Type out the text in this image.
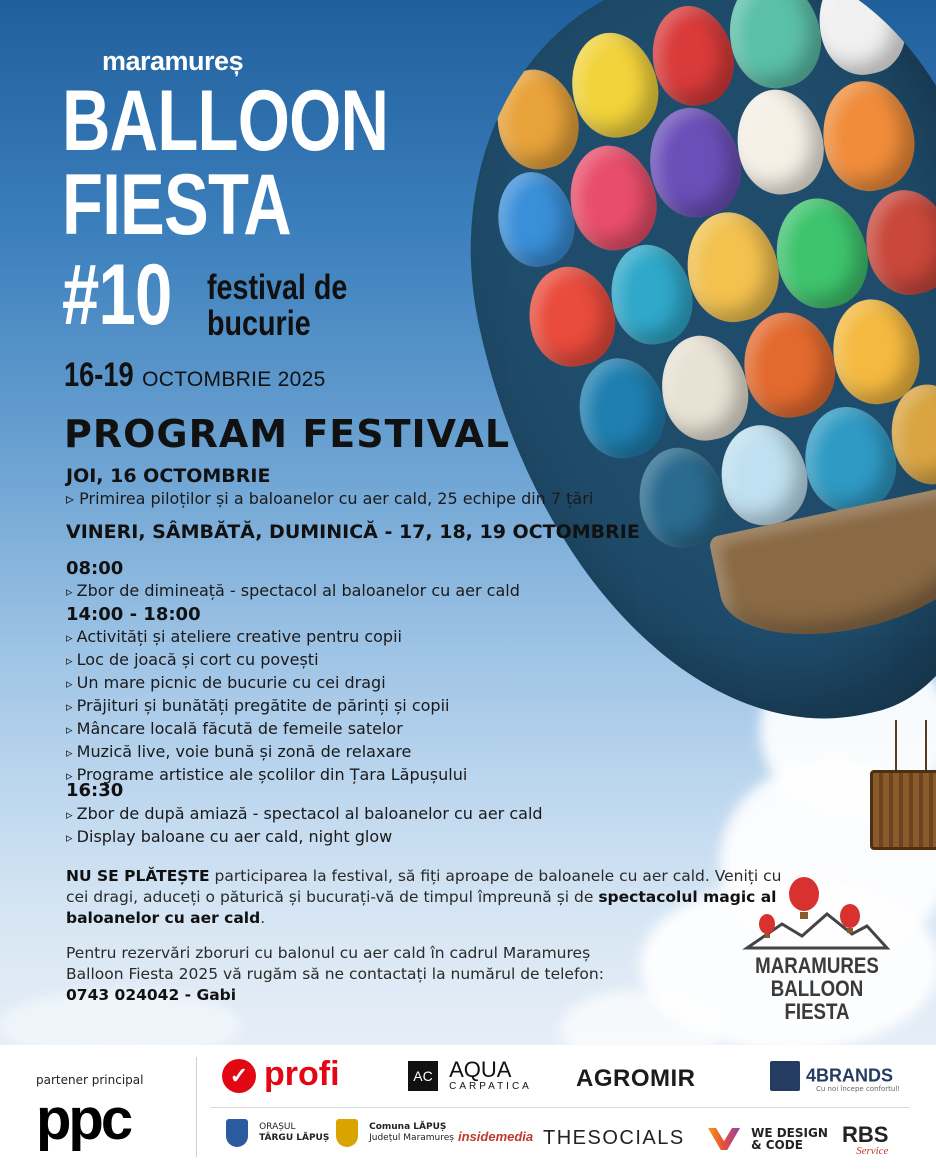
maramureș
BALLOON
FIESTA
#10 festival de
bucurie
16-19 OCTOMBRIE 2025
PROGRAM FESTIVAL
JOI, 16 OCTOMBRIE
▹ Primirea piloților și a baloanelor cu aer cald, 25 echipe din 7 țări
VINERI, SÂMBĂTĂ, DUMINICĂ - 17, 18, 19 OCTOMBRIE
08:00
▹ Zbor de dimineață - spectacol al baloanelor cu aer cald
14:00 - 18:00
▹ Activități și ateliere creative pentru copii
▹ Loc de joacă și cort cu povești
▹ Un mare picnic de bucurie cu cei dragi
▹ Prăjituri și bunătăți pregătite de părinți și copii
▹ Mâncare locală făcută de femeile satelor
▹ Muzică live, voie bună și zonă de relaxare
▹ Programe artistice ale școlilor din Țara Lăpușului
16:30
▹ Zbor de după amiază - spectacol al baloanelor cu aer cald
▹ Display baloane cu aer cald, night glow

NU SE PLĂTEȘTE participarea la festival, să fiți aproape de baloanele cu aer cald. Veniți cu cei dragi, aduceți o păturică și bucurați-vă de timpul împreună și de spectacolul magic al baloanelor cu aer cald.

Pentru rezervări zboruri cu balonul cu aer cald în cadrul Maramureș Balloon Fiesta 2025 vă rugăm să ne contactați la numărul de telefon: 0743 024042 - Gabi

MARAMURES
BALLOON FIESTA
partener principal
ppc
✓ profi	AC AQUA
CARPATICA AGROMIR	4BRANDS
Cu noi începe confortul!

ORAȘUL
TÂRGU LĂPUȘ

Comuna LĂPUȘ
Județul Maramureș insidemedia THESOCIALS
	WE DESIGN
& CODE	RBS
Service
